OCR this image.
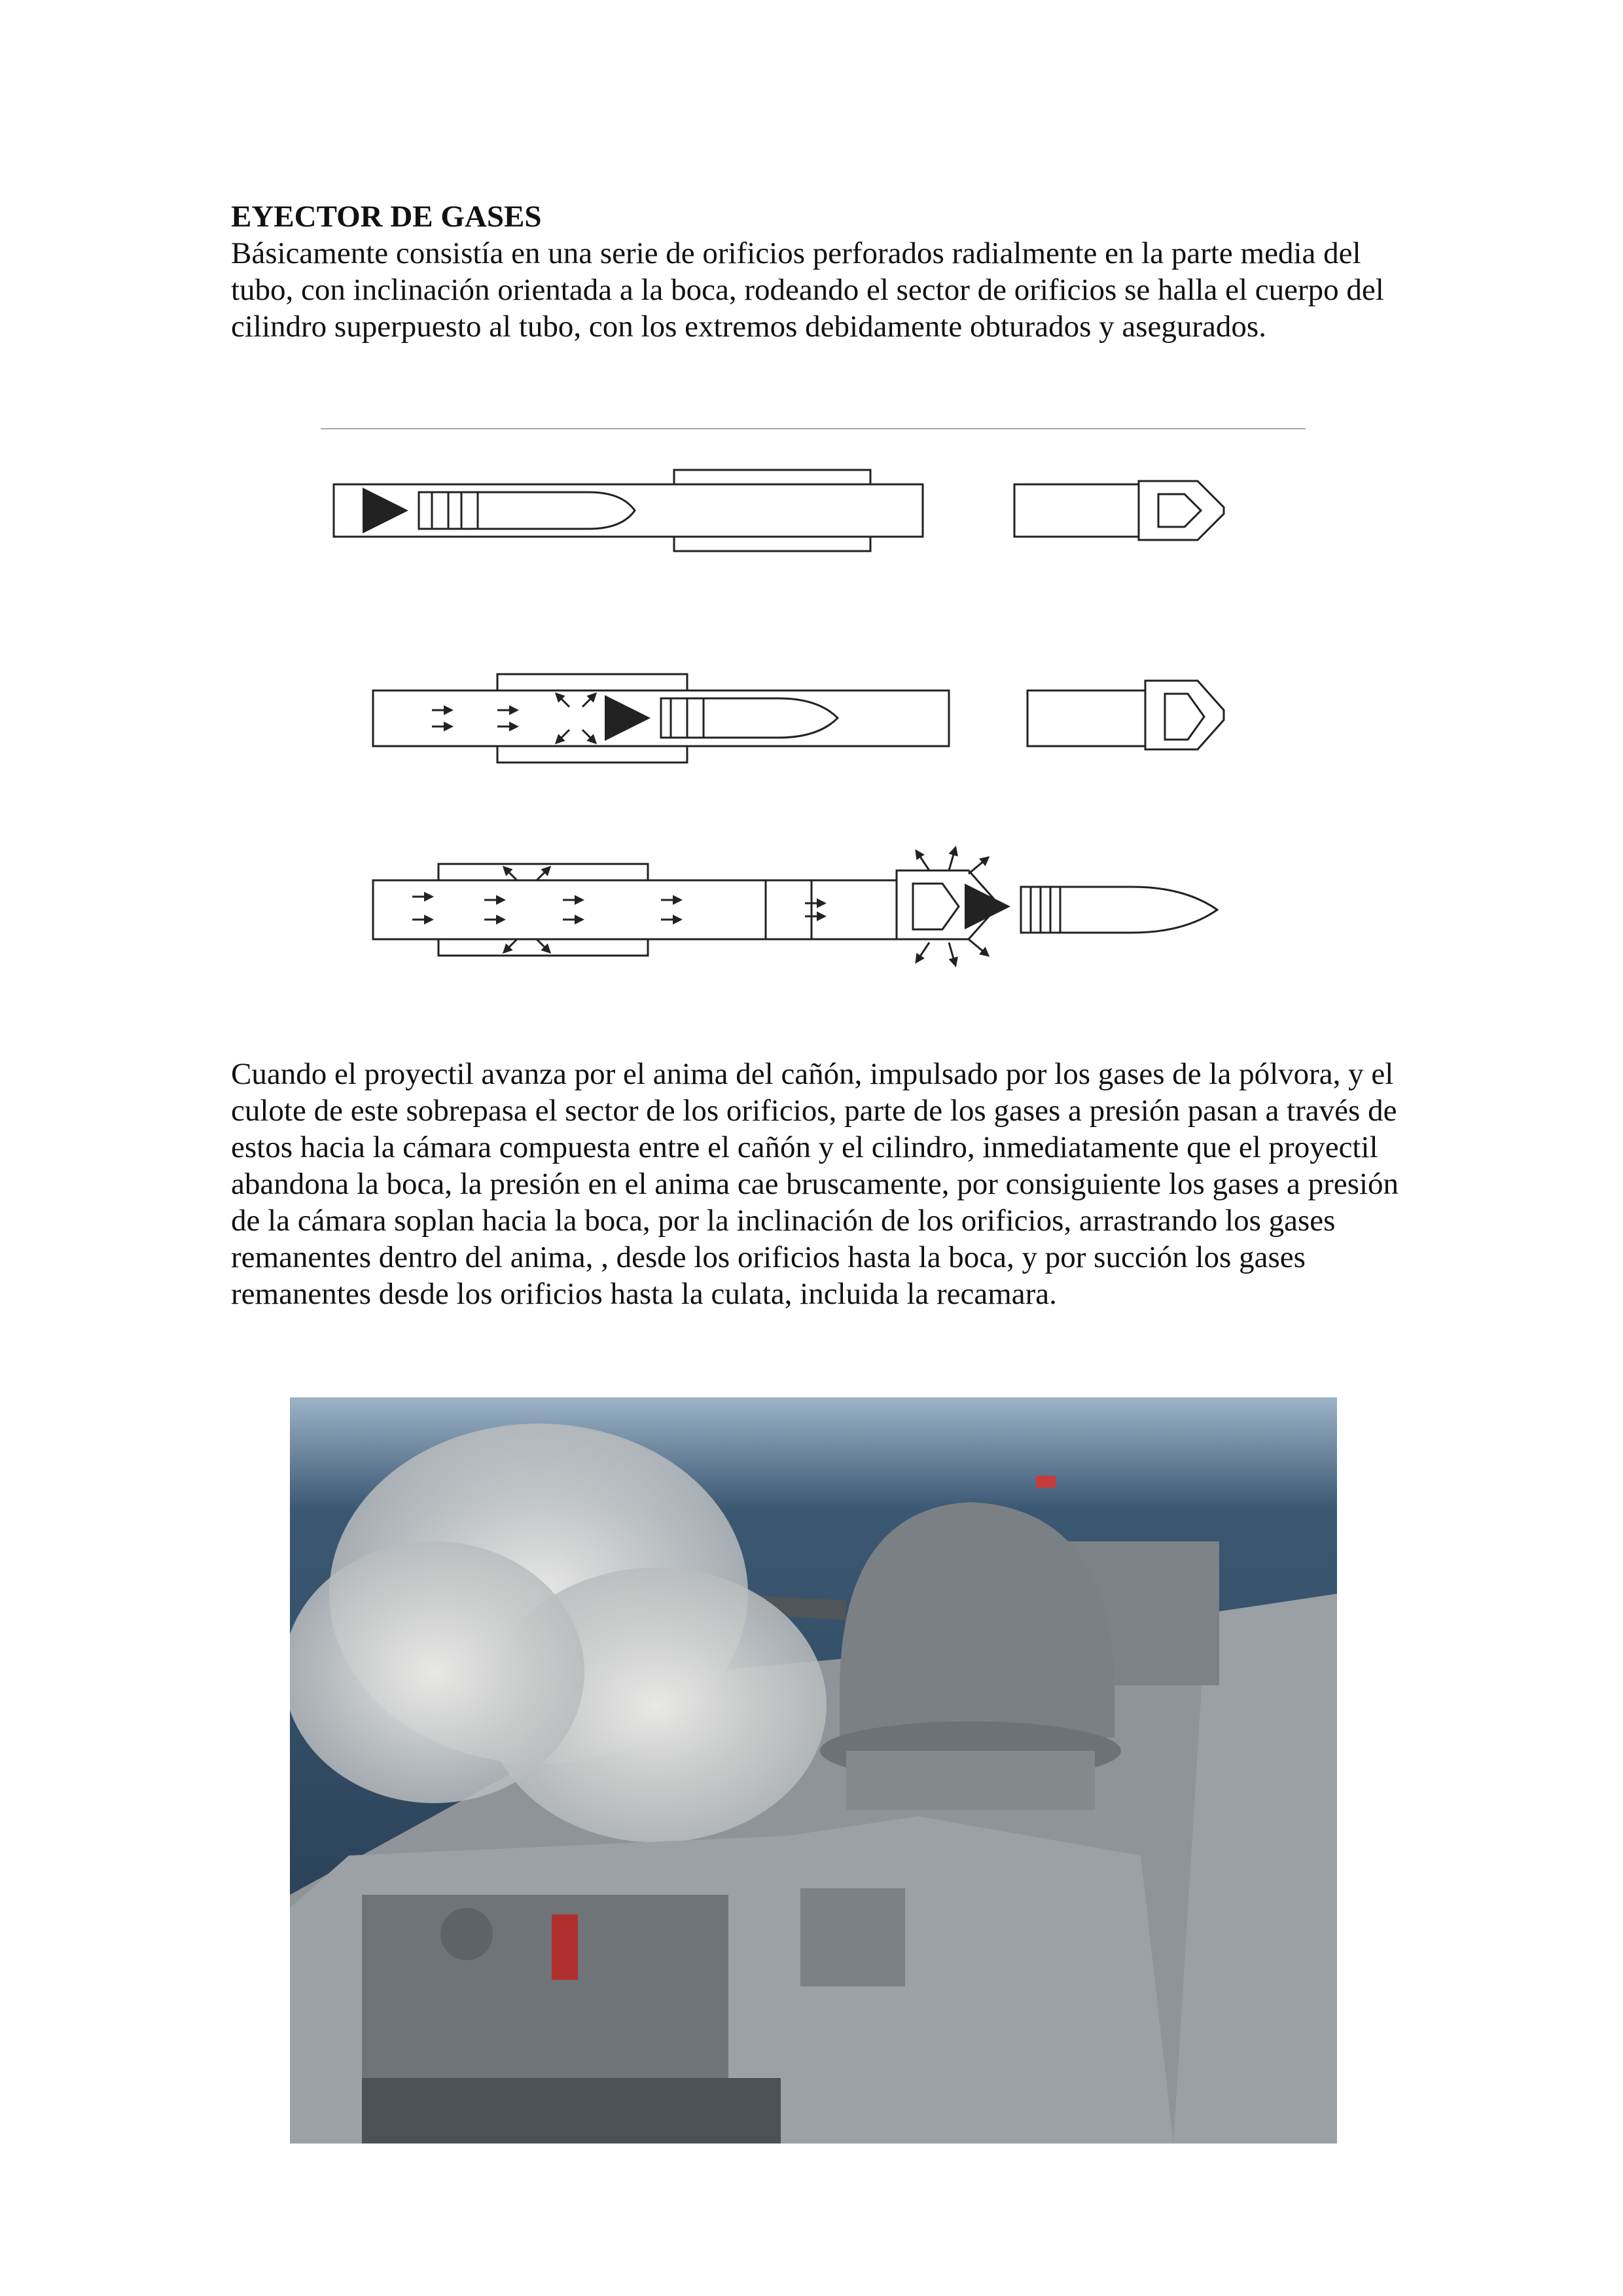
EYECTOR DE GASES
Básicamente consistía en una serie de orificios perforados radialmente en la parte media del tubo, con inclinación orientada a la boca, rodeando el sector de orificios se halla el cuerpo del cilindro superpuesto al tubo, con los extremos debidamente obturados y asegurados.
Cuando el proyectil avanza por el anima del cañón, impulsado por los gases de la pólvora, y el culote de este sobrepasa el sector de los orificios, parte de los gases a presión pasan a través de estos hacia la cámara compuesta entre el cañón y el cilindro, inmediatamente que el proyectil abandona la boca, la presión en el anima cae bruscamente, por consiguiente los gases a presión de la cámara soplan hacia la boca, por la inclinación de los orificios, arrastrando los gases remanentes dentro del anima, , desde los orificios hasta la boca, y por succión los gases remanentes desde los orificios hasta la culata, incluida la recamara.
